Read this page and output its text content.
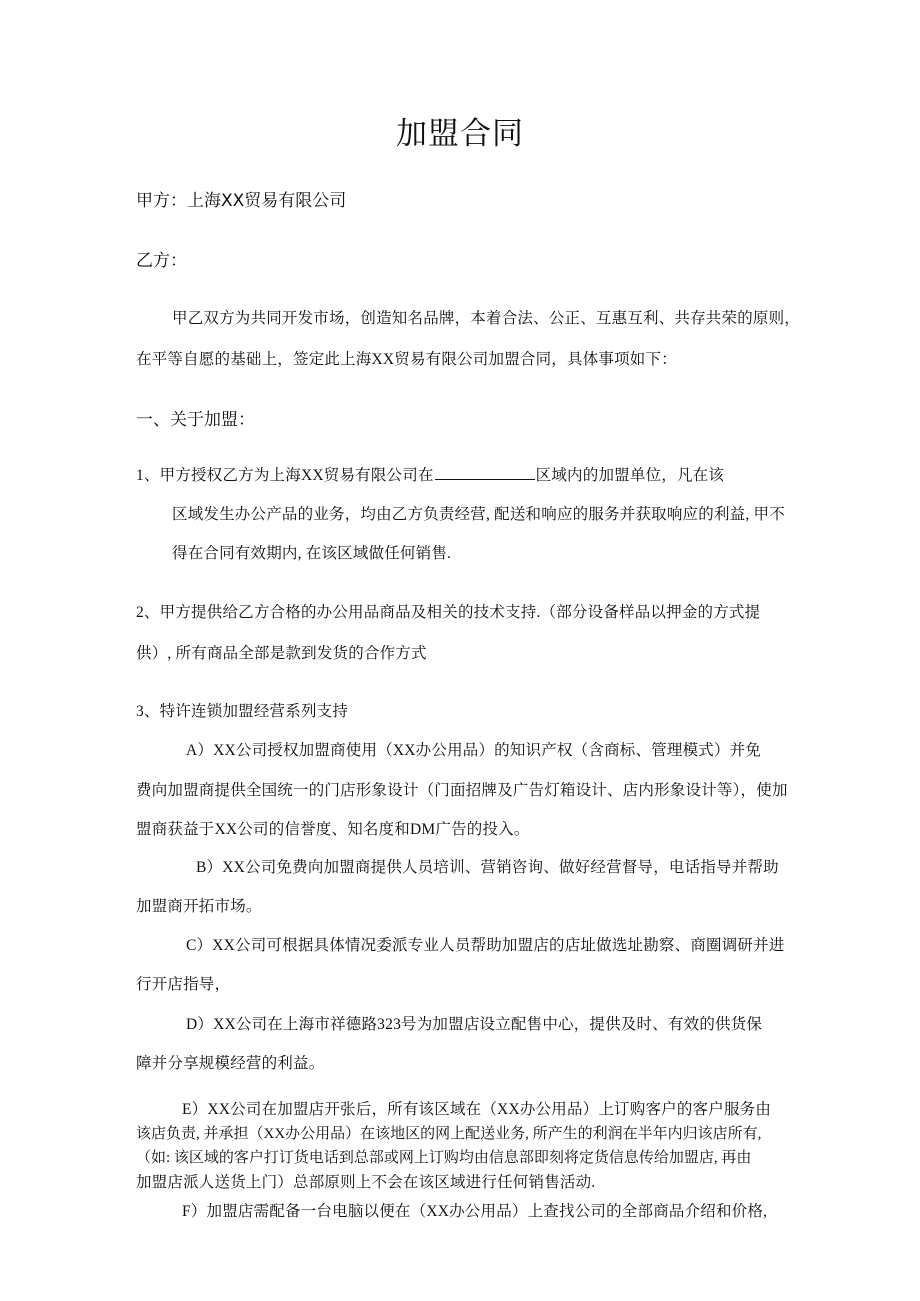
加盟合同
甲方：上海XX贸易有限公司
乙方：
甲乙双方为共同开发市场，创造知名品牌，本着合法、公正、互惠互利、共存共荣的原则，
在平等自愿的基础上，签定此上海XX贸易有限公司加盟合同，具体事项如下：
一、关于加盟：
1、甲方授权乙方为上海XX贸易有限公司在	区域内的加盟单位，凡在该
区域发生办公产品的业务，均由乙方负责经营, 配送和响应的服务并获取响应的利益, 甲不
得在合同有效期内, 在该区域做任何销售.
2、甲方提供给乙方合格的办公用品商品及相关的技术支持.（部分设备样品以押金的方式提
供）, 所有商品全部是款到发货的合作方式
3、特许连锁加盟经营系列支持
A）XX公司授权加盟商使用（XX办公用品）的知识产权（含商标、管理模式）并免
费向加盟商提供全国统一的门店形象设计（门面招牌及广告灯箱设计、店内形象设计等），使加
盟商获益于XX公司的信誉度、知名度和DM广告的投入。
B）XX公司免费向加盟商提供人员培训、营销咨询、做好经营督导，电话指导并帮助
加盟商开拓市场。
C）XX公司可根据具体情况委派专业人员帮助加盟店的店址做选址勘察、商圈调研并进
行开店指导，
D）XX公司在上海市祥德路323号为加盟店设立配售中心，提供及时、有效的供货保
障并分享规模经营的利益。
E）XX公司在加盟店开张后，所有该区域在（XX办公用品）上订购客户的客户服务由
该店负责, 并承担（XX办公用品）在该地区的网上配送业务, 所产生的利润在半年内归该店所有,
（如: 该区域的客户打订货电话到总部或网上订购均由信息部即刻将定货信息传给加盟店, 再由
加盟店派人送货上门）总部原则上不会在该区域进行任何销售活动.
F）加盟店需配备一台电脑以便在（XX办公用品）上查找公司的全部商品介绍和价格,
